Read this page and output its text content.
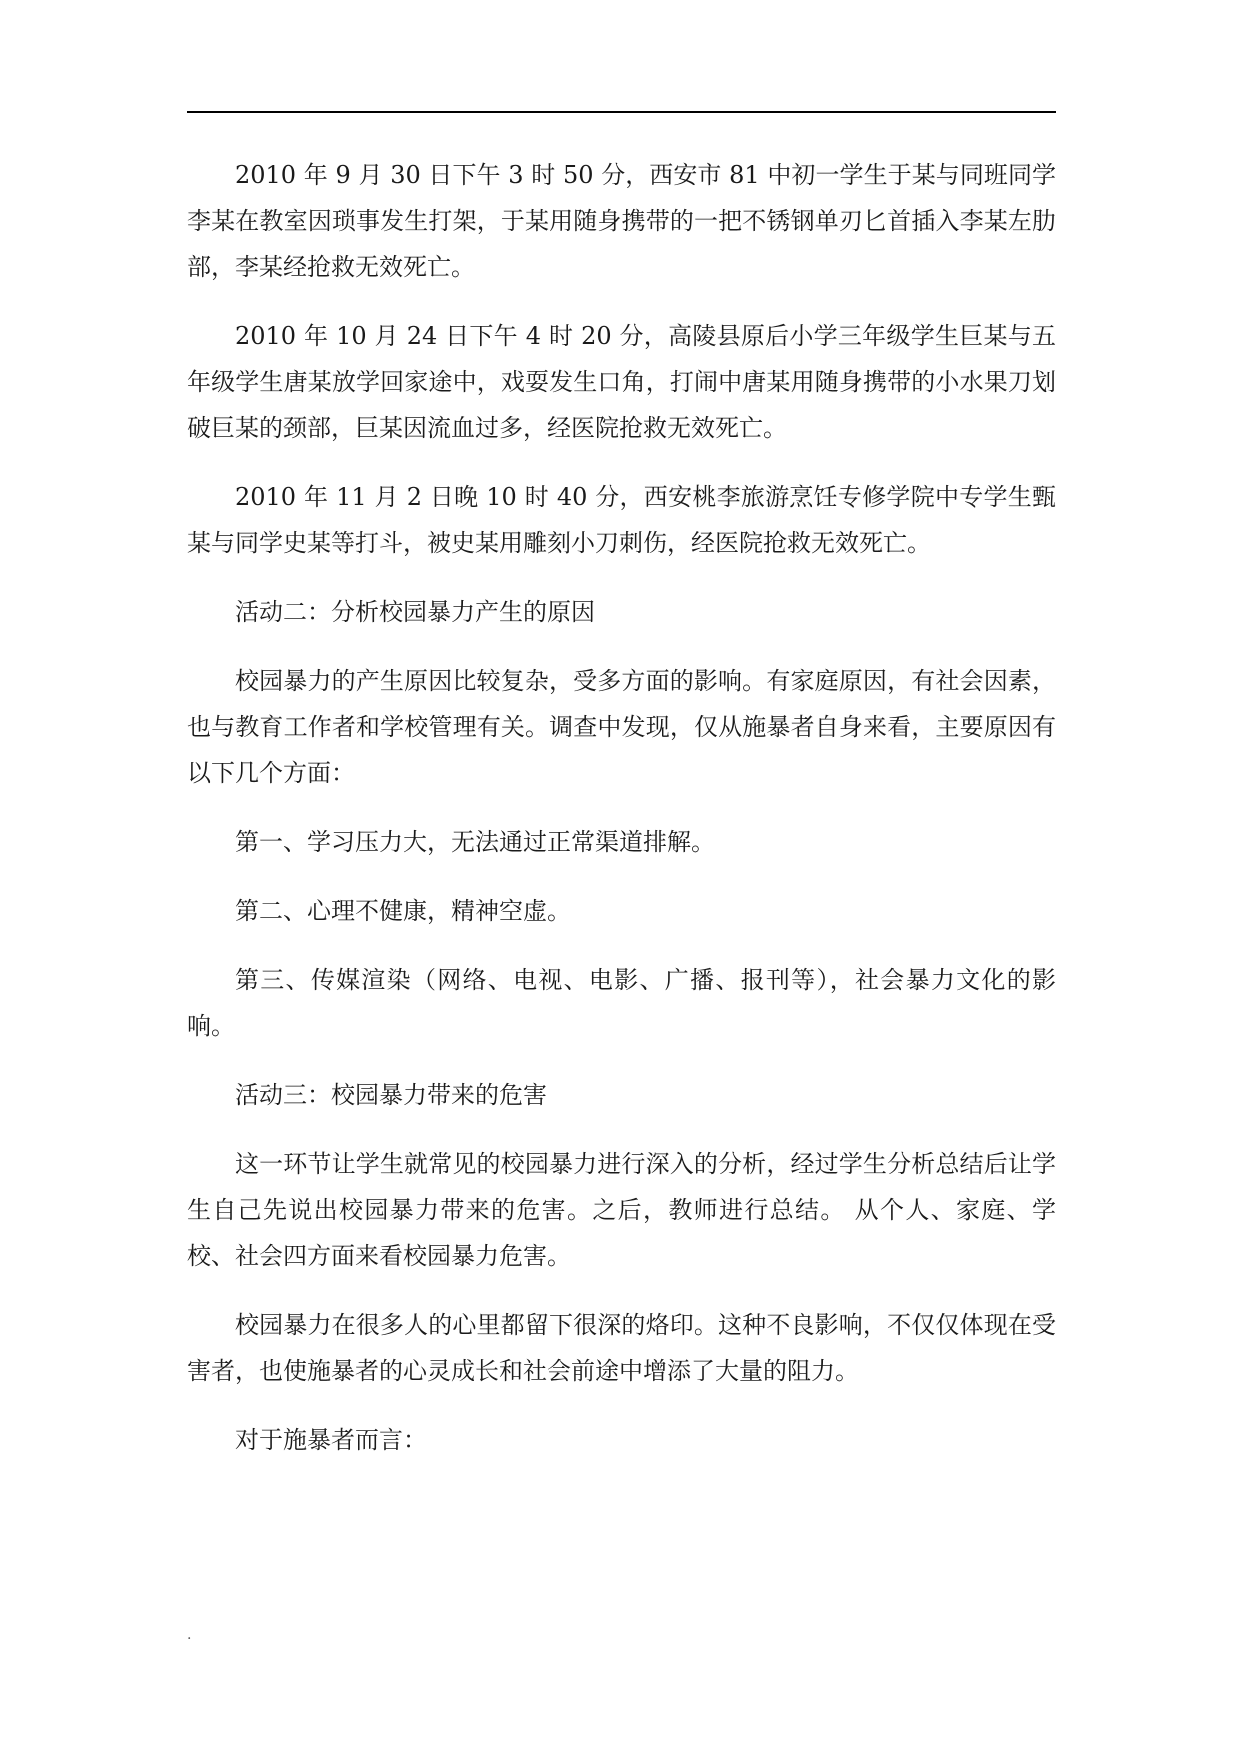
2010 年 9 月 30 日下午 3 时 50 分，西安市 81 中初一学生于某与同班同学李某在教室因琐事发生打架，于某用随身携带的一把不锈钢单刃匕首插入李某左肋部，李某经抢救无效死亡。

2010 年 10 月 24 日下午 4 时 20 分，高陵县原后小学三年级学生巨某与五年级学生唐某放学回家途中，戏耍发生口角，打闹中唐某用随身携带的小水果刀划破巨某的颈部，巨某因流血过多，经医院抢救无效死亡。

2010 年 11 月 2 日晚 10 时 40 分，西安桃李旅游烹饪专修学院中专学生甄某与同学史某等打斗，被史某用雕刻小刀刺伤，经医院抢救无效死亡。

活动二：分析校园暴力产生的原因

校园暴力的产生原因比较复杂，受多方面的影响。有家庭原因，有社会因素，也与教育工作者和学校管理有关。调查中发现，仅从施暴者自身来看，主要原因有以下几个方面：

第一、学习压力大，无法通过正常渠道排解。

第二、心理不健康，精神空虚。

第三、传媒渲染（网络、电视、电影、广播、报刊等），社会暴力文化的影响。

活动三：校园暴力带来的危害

这一环节让学生就常见的校园暴力进行深入的分析，经过学生分析总结后让学生自己先说出校园暴力带来的危害。之后，教师进行总结。 从个人、家庭、学校、社会四方面来看校园暴力危害。

校园暴力在很多人的心里都留下很深的烙印。这种不良影响，不仅仅体现在受害者，也使施暴者的心灵成长和社会前途中增添了大量的阻力。

对于施暴者而言：

.
